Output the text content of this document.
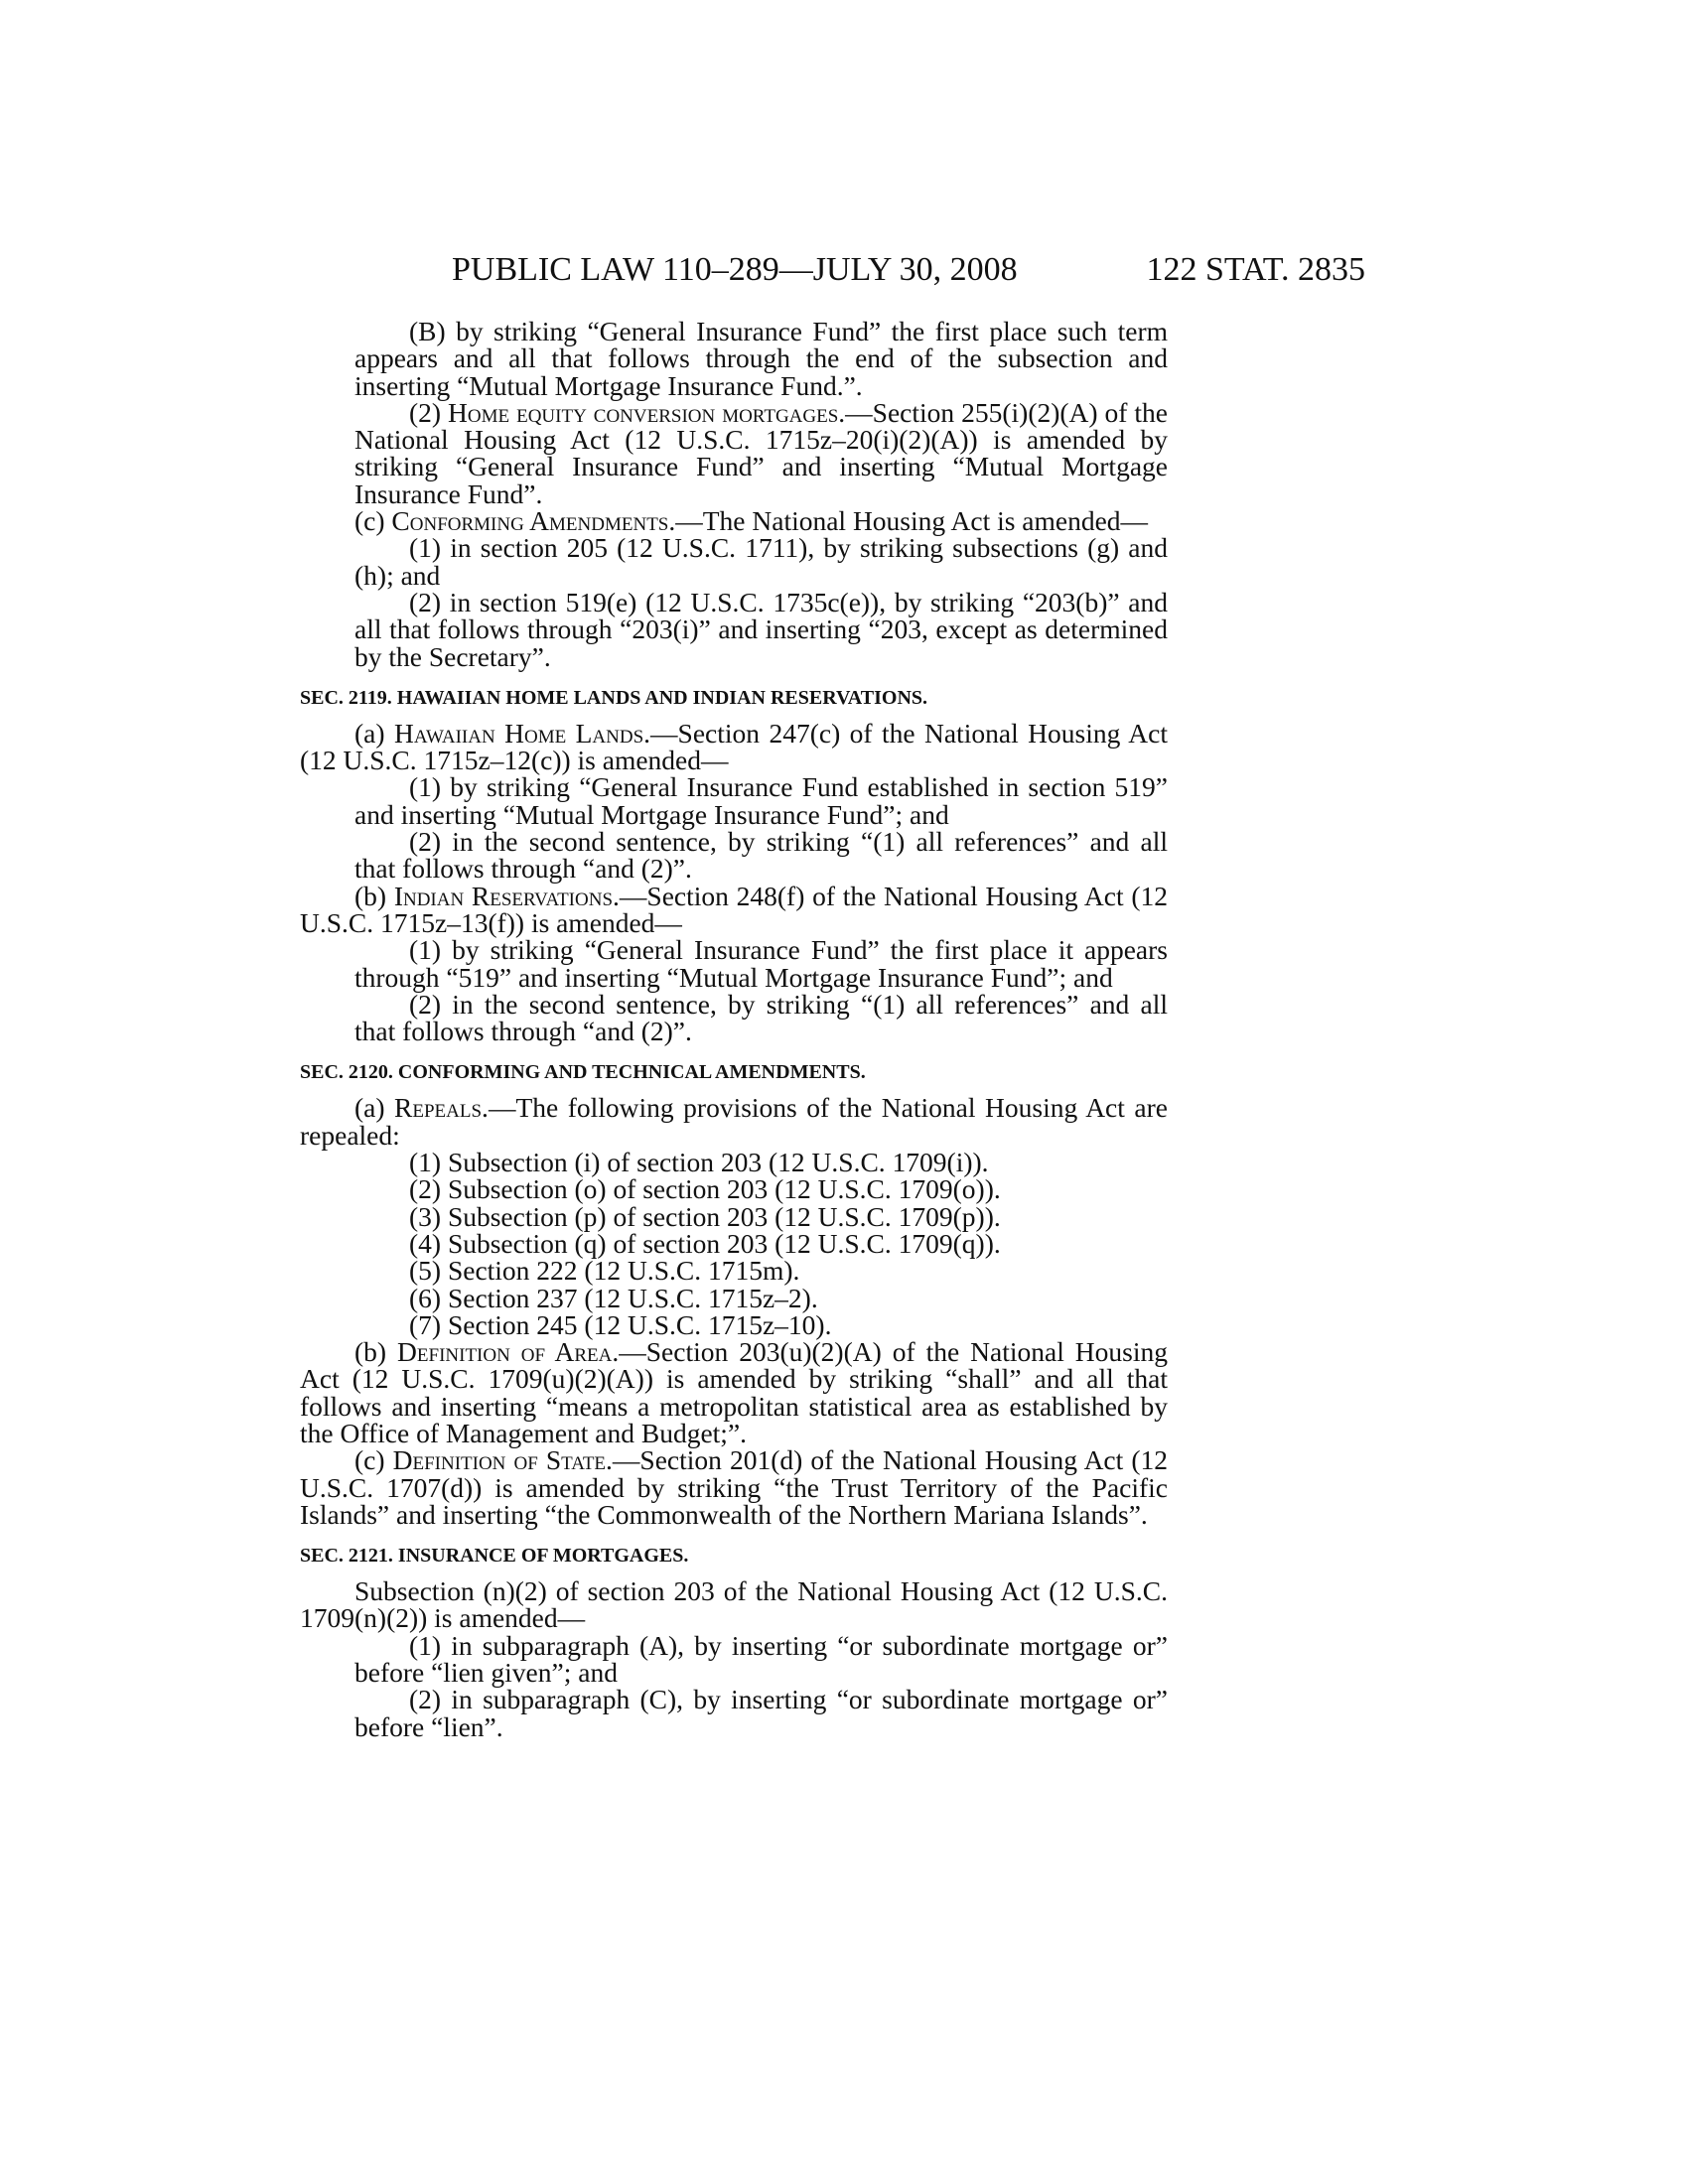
PUBLIC LAW 110–289—JULY 30, 2008	122 STAT. 2835

(B) by striking “General Insurance Fund” the first place such term appears and all that follows through the end of the subsection and inserting “Mutual Mortgage Insurance Fund.”.

(2) Home equity conversion mortgages.—Section 255(i)(2)(A) of the National Housing Act (12 U.S.C. 1715z–20(i)(2)(A)) is amended by striking “General Insurance Fund” and inserting “Mutual Mortgage Insurance Fund”.

(c) Conforming Amendments.—The National Housing Act is amended—

(1) in section 205 (12 U.S.C. 1711), by striking subsections (g) and (h); and

(2) in section 519(e) (12 U.S.C. 1735c(e)), by striking “203(b)” and all that follows through “203(i)” and inserting “203, except as determined by the Secretary”.

SEC. 2119. HAWAIIAN HOME LANDS AND INDIAN RESERVATIONS.

(a) Hawaiian Home Lands.—Section 247(c) of the National Housing Act (12 U.S.C. 1715z–12(c)) is amended—

(1) by striking “General Insurance Fund established in section 519” and inserting “Mutual Mortgage Insurance Fund”; and

(2) in the second sentence, by striking “(1) all references” and all that follows through “and (2)”.

(b) Indian Reservations.—Section 248(f) of the National Housing Act (12 U.S.C. 1715z–13(f)) is amended—

(1) by striking “General Insurance Fund” the first place it appears through “519” and inserting “Mutual Mortgage Insurance Fund”; and

(2) in the second sentence, by striking “(1) all references” and all that follows through “and (2)”.

SEC. 2120. CONFORMING AND TECHNICAL AMENDMENTS.

(a) Repeals.—The following provisions of the National Housing Act are repealed:

(1) Subsection (i) of section 203 (12 U.S.C. 1709(i)).

(2) Subsection (o) of section 203 (12 U.S.C. 1709(o)).

(3) Subsection (p) of section 203 (12 U.S.C. 1709(p)).

(4) Subsection (q) of section 203 (12 U.S.C. 1709(q)).

(5) Section 222 (12 U.S.C. 1715m).

(6) Section 237 (12 U.S.C. 1715z–2).

(7) Section 245 (12 U.S.C. 1715z–10).

(b) Definition of Area.—Section 203(u)(2)(A) of the National Housing Act (12 U.S.C. 1709(u)(2)(A)) is amended by striking “shall” and all that follows and inserting “means a metropolitan statistical area as established by the Office of Management and Budget;”.

(c) Definition of State.—Section 201(d) of the National Housing Act (12 U.S.C. 1707(d)) is amended by striking “the Trust Territory of the Pacific Islands” and inserting “the Commonwealth of the Northern Mariana Islands”.

SEC. 2121. INSURANCE OF MORTGAGES.

Subsection (n)(2) of section 203 of the National Housing Act (12 U.S.C. 1709(n)(2)) is amended—

(1) in subparagraph (A), by inserting “or subordinate mortgage or” before “lien given”; and

(2) in subparagraph (C), by inserting “or subordinate mortgage or” before “lien”.
